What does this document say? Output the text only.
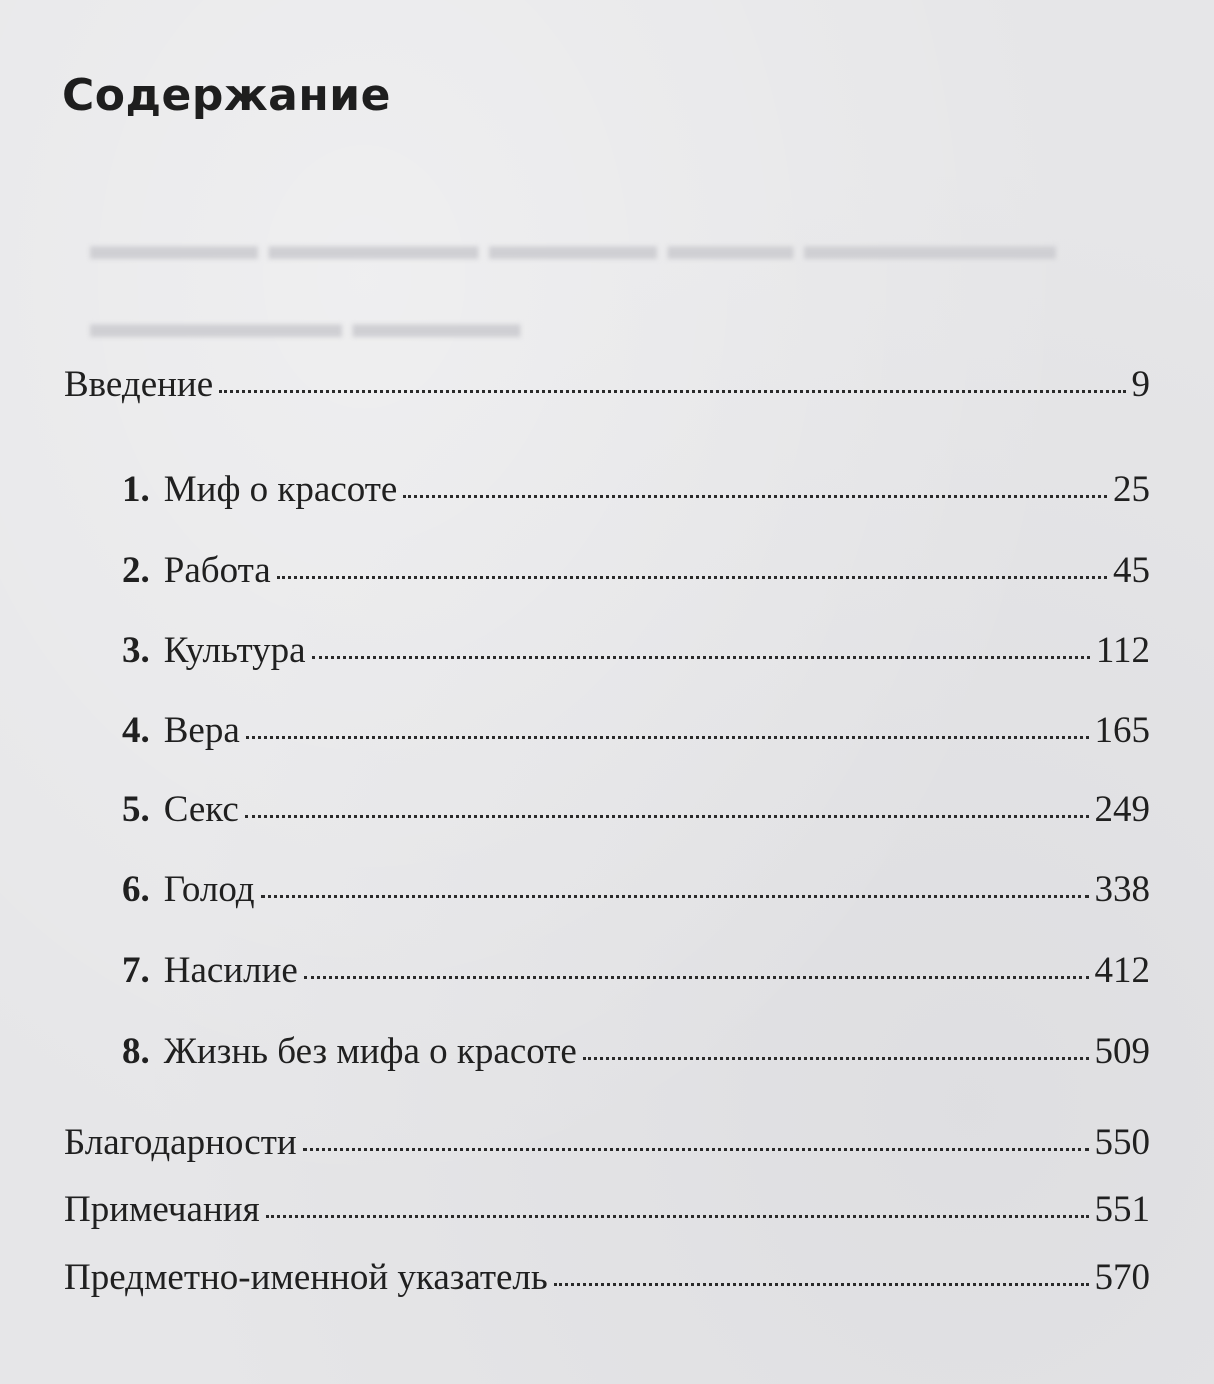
▬▬▬▬ ▬▬▬▬▬ ▬▬▬▬ ▬▬▬ ▬▬▬▬▬▬
▬▬▬▬▬▬ ▬▬▬▬
Содержание
Введение	9
1. Миф о красоте	25
2. Работа	45
3. Культура	112
4. Вера	165
5. Секс	249
6. Голод	338
7. Насилие	412
8. Жизнь без мифа о красоте	509
Благодарности	550
Примечания	551
Предметно-именной указатель	570
